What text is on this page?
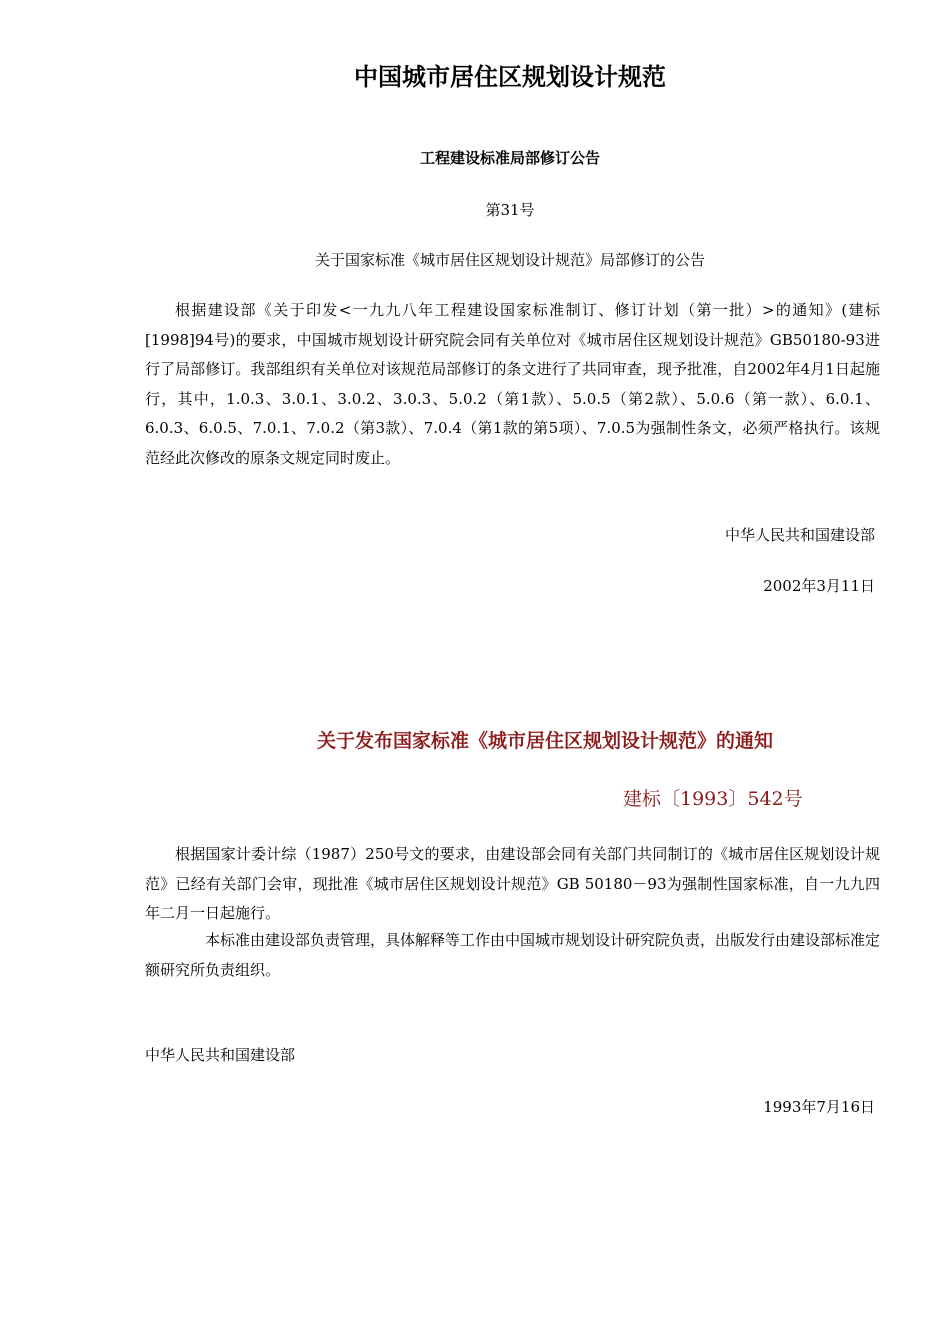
中国城市居住区规划设计规范
工程建设标准局部修订公告
第31号
关于国家标准《城市居住区规划设计规范》局部修订的公告

根据建设部《关于印发<一九九八年工程建设国家标准制订、修订计划（第一批）>的通知》(建标[1998]94号)的要求，中国城市规划设计研究院会同有关单位对《城市居住区规划设计规范》GB50180-93进行了局部修订。我部组织有关单位对该规范局部修订的条文进行了共同审查，现予批准，自2002年4月1日起施行，其中，1.0.3、3.0.1、3.0.2、3.0.3、5.0.2（第1款）、5.0.5（第2款）、5.0.6（第一款）、6.0.1、6.0.3、6.0.5、7.0.1、7.0.2（第3款）、7.0.4（第1款的第5项）、7.0.5为强制性条文，必须严格执行。该规范经此次修改的原条文规定同时废止。

中华人民共和国建设部
2002年3月11日
关于发布国家标准《城市居住区规划设计规范》的通知
建标〔1993〕542号

根据国家计委计综（1987）250号文的要求，由建设部会同有关部门共同制订的《城市居住区规划设计规范》已经有关部门会审，现批准《城市居住区规划设计规范》GB 50180－93为强制性国家标准，自一九九四年二月一日起施行。

本标准由建设部负责管理，具体解释等工作由中国城市规划设计研究院负责，出版发行由建设部标准定额研究所负责组织。

中华人民共和国建设部
1993年7月16日
